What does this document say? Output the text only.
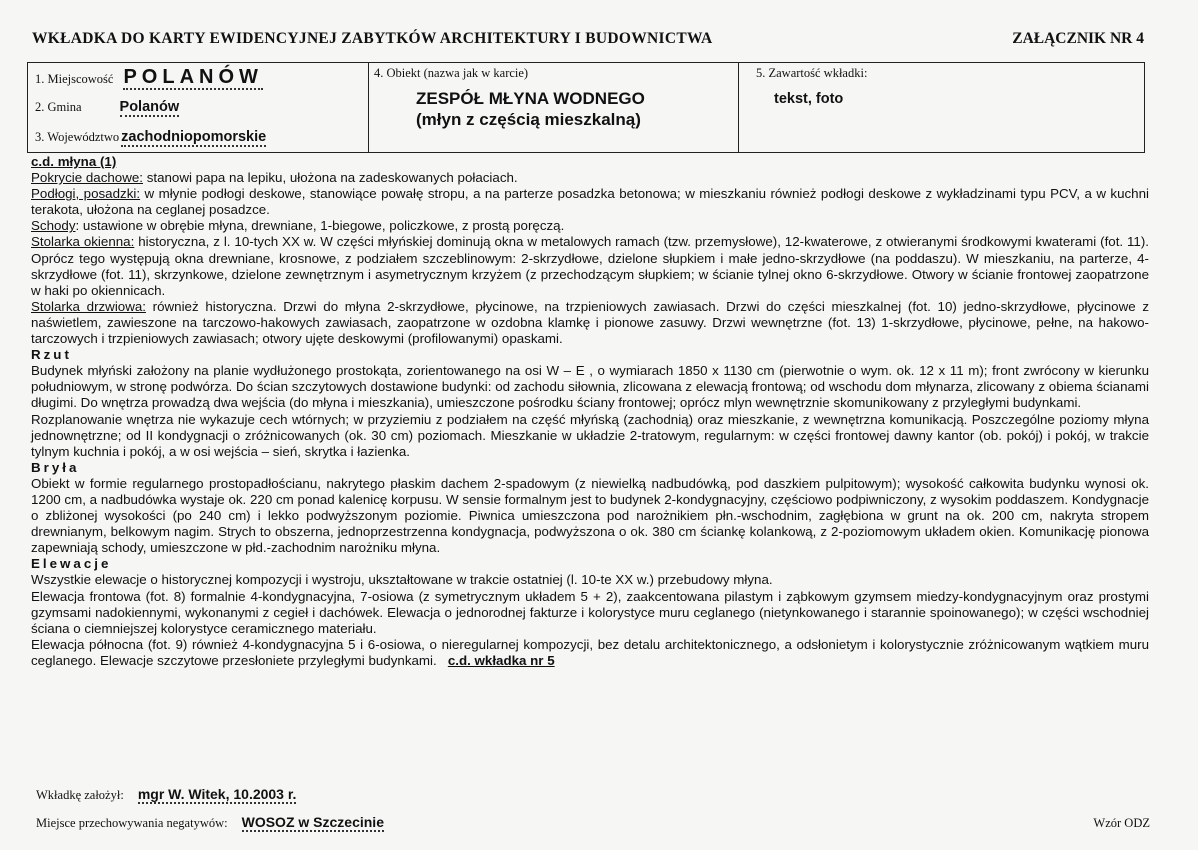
WKŁADKA DO KARTY EWIDENCYJNEJ ZABYTKÓW ARCHITEKTURY I BUDOWNICTWA	ZAŁĄCZNIK NR 4
1. Miejscowość POLANÓW
2. Gmina	Polanów
3. Województwo zachodniopomorskie
4. Obiekt (nazwa jak w karcie)
ZESPÓŁ MŁYNA WODNEGO
(młyn z częścią mieszkalną)
5. Zawartość wkładki:
tekst, foto

c.d. młyna (1)

Pokrycie dachowe: stanowi papa na lepiku, ułożona na zadeskowanych połaciach.

Podłogi, posadzki: w młynie podłogi deskowe, stanowiące powałę stropu, a na parterze posadzka betonowa; w mieszkaniu również podłogi deskowe z wykładzinami typu PCV, a w kuchni terakota, ułożona na ceglanej posadzce.

Schody: ustawione w obrębie młyna, drewniane, 1-biegowe, policzkowe, z prostą poręczą.

Stolarka okienna: historyczna, z l. 10-tych XX w. W części młyńskiej dominują okna w metalowych ramach (tzw. przemysłowe), 12-kwaterowe, z otwieranymi środkowymi kwaterami (fot. 11). Oprócz tego występują okna drewniane, krosnowe, z podziałem szczeblinowym: 2-skrzydłowe, dzielone słupkiem i małe jedno-skrzydłowe (na poddaszu). W mieszkaniu, na parterze, 4-skrzydłowe (fot. 11), skrzynkowe, dzielone zewnętrznym i asymetrycznym krzyżem (z przechodzącym słupkiem; w ścianie tylnej okno 6-skrzydłowe. Otwory w ścianie frontowej zaopatrzone w haki po okiennicach.

Stolarka drzwiowa: również historyczna. Drzwi do młyna 2-skrzydłowe, płycinowe, na trzpieniowych zawiasach. Drzwi do części mieszkalnej (fot. 10) jedno-skrzydłowe, płycinowe z naświetlem, zawieszone na tarczowo-hakowych zawiasach, zaopatrzone w ozdobna klamkę i pionowe zasuwy. Drzwi wewnętrzne (fot. 13) 1-skrzydłowe, płycinowe, pełne, na hakowo-tarczowych i trzpieniowych zawiasach; otwory ujęte deskowymi (profilowanymi) opaskami.

Rzut

Budynek młyński założony na planie wydłużonego prostokąta, zorientowanego na osi W – E , o wymiarach 1850 x 1130 cm (pierwotnie o wym. ok. 12 x 11 m); front zwrócony w kierunku południowym, w stronę podwórza. Do ścian szczytowych dostawione budynki: od zachodu siłownia, zlicowana z elewacją frontową; od wschodu dom młynarza, zlicowany z obiema ścianami długimi. Do wnętrza prowadzą dwa wejścia (do młyna i mieszkania), umieszczone pośrodku ściany frontowej; oprócz mlyn wewnętrznie skomunikowany z przyległymi budynkami.

Rozplanowanie wnętrza nie wykazuje cech wtórnych; w przyziemiu z podziałem na część młyńską (zachodnią) oraz mieszkanie, z wewnętrzna komunikacją. Poszczególne poziomy młyna jednownętrzne; od II kondygnacji o zróżnicowanych (ok. 30 cm) poziomach. Mieszkanie w układzie 2-tratowym, regularnym: w części frontowej dawny kantor (ob. pokój) i pokój, w trakcie tylnym kuchnia i pokój, a w osi wejścia – sień, skrytka i łazienka.

Bryła

Obiekt w formie regularnego prostopadłościanu, nakrytego płaskim dachem 2-spadowym (z niewielką nadbudówką, pod daszkiem pulpitowym); wysokość całkowita budynku wynosi ok. 1200 cm, a nadbudówka wystaje ok. 220 cm ponad kalenicę korpusu. W sensie formalnym jest to budynek 2-kondygnacyjny, częściowo podpiwniczony, z wysokim poddaszem. Kondygnacje o zbliżonej wysokości (po 240 cm) i lekko podwyższonym poziomie. Piwnica umieszczona pod narożnikiem płn.-wschodnim, zagłębiona w grunt na ok. 200 cm, nakryta stropem drewnianym, belkowym nagim. Strych to obszerna, jednoprzestrzenna kondygnacja, podwyższona o ok. 380 cm ściankę kolankową, z 2-poziomowym układem okien. Komunikację pionowa zapewniają schody, umieszczone w płd.-zachodnim narożniku młyna.

Elewacje

Wszystkie elewacje o historycznej kompozycji i wystroju, ukształtowane w trakcie ostatniej (l. 10-te XX w.) przebudowy młyna.

Elewacja frontowa (fot. 8) formalnie 4-kondygnacyjna, 7-osiowa (z symetrycznym układem 5 + 2), zaakcentowana pilastym i ząbkowym gzymsem miedzy-kondygnacyjnym oraz prostymi gzymsami nadokiennymi, wykonanymi z cegieł i dachówek. Elewacja o jednorodnej fakturze i kolorystyce muru ceglanego (nietynkowanego i starannie spoinowanego); w części wschodniej ściana o ciemniejszej kolorystyce ceramicznego materiału.

Elewacja północna (fot. 9) również 4-kondygnacyjna 5 i 6-osiowa, o nieregularnej kompozycji, bez detalu architektonicznego, a odsłonietym i kolorystycznie zróżnicowanym wątkiem muru ceglanego. Elewacje szczytowe przesłoniete przyległymi budynkami. c.d. wkładka nr 5

Wkładkę założył: mgr W. Witek, 10.2003 r.
Miejsce przechowywania negatywów: WOSOZ w Szczecinie	Wzór ODZ
